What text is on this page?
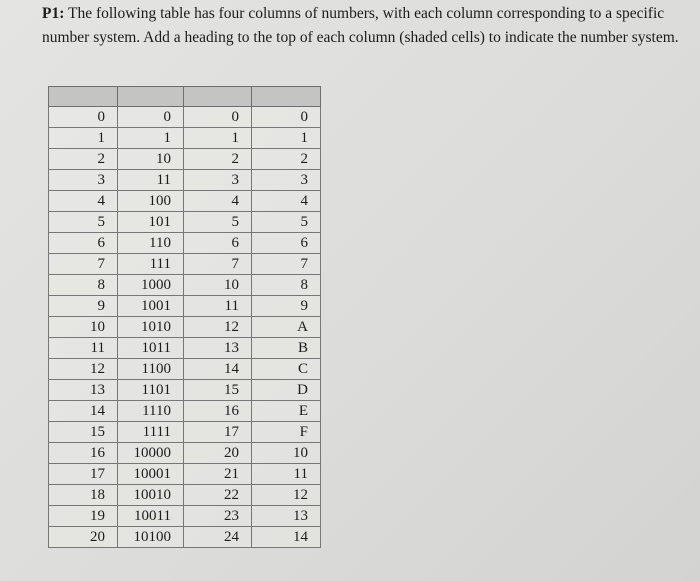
P1: The following table has four columns of numbers, with each column corresponding to a specific number system. Add a heading to the top of each column (shaded cells) to indicate the number system.

0	0	0	0
1	1	1	1
2	10	2	2
3	11	3	3
4	100	4	4
5	101	5	5
6	110	6	6
7	111	7	7
8	1000	10	8
9	1001	11	9
10	1010	12	A
11	1011	13	B
12	1100	14	C
13	1101	15	D
14	1110	16	E
15	1111	17	F
16	10000	20	10
17	10001	21	11
18	10010	22	12
19	10011	23	13
20	10100	24	14
